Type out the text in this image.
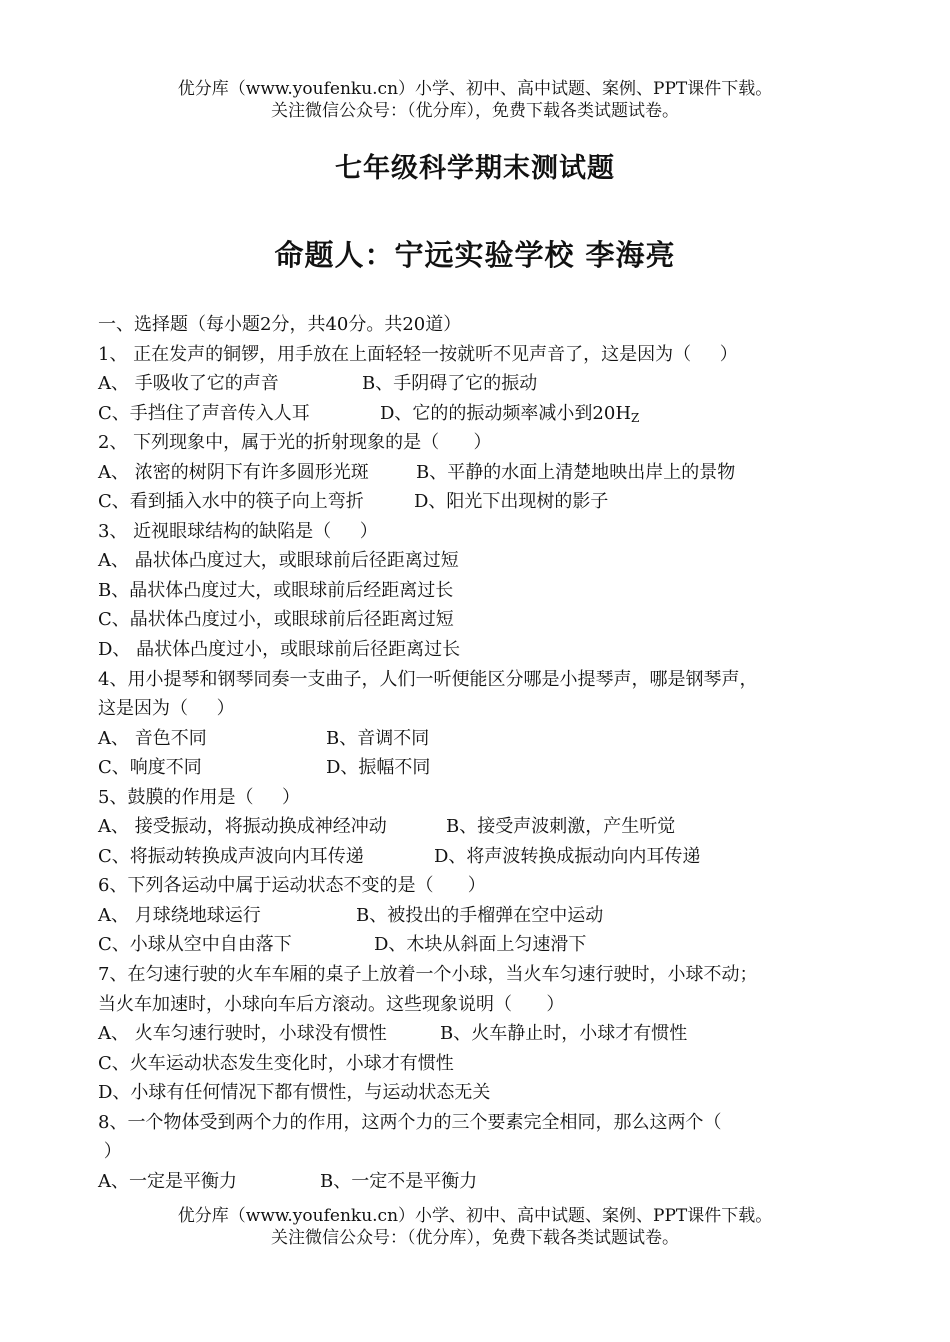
优分库（www.youfenku.cn）小学、初中、高中试题、案例、PPT课件下载。
关注微信公众号：（优分库），免费下载各类试题试卷。
七年级科学期末测试题
命题人：宁远实验学校 李海亮
一、选择题（每小题2分，共40分。共20道）
1、 正在发声的铜锣，用手放在上面轻轻一按就听不见声音了，这是因为（     ）
A、 手吸收了它的声音	B、手阴碍了它的振动
C、手挡住了声音传入人耳	D、它的的振动频率减小到$20H_Z$
2、 下列现象中，属于光的折射现象的是（      ）
A、 浓密的树阴下有许多圆形光斑	B、平静的水面上清楚地映出岸上的景物
C、看到插入水中的筷子向上弯折	D、阳光下出现树的影子
3、 近视眼球结构的缺陷是（     ）
A、 晶状体凸度过大，或眼球前后径距离过短
B、晶状体凸度过大，或眼球前后经距离过长
C、晶状体凸度过小，或眼球前后径距离过短
D、 晶状体凸度过小，或眼球前后径距离过长
4、用小提琴和钢琴同奏一支曲子，人们一听便能区分哪是小提琴声，哪是钢琴声，
这是因为（     ）
A、 音色不同	B、音调不同
C、响度不同	D、振幅不同
5、鼓膜的作用是（     ）
A、 接受振动，将振动换成神经冲动	B、接受声波刺激，产生听觉
C、将振动转换成声波向内耳传递	D、将声波转换成振动向内耳传递
6、下列各运动中属于运动状态不变的是（      ）
A、 月球绕地球运行	B、被投出的手榴弹在空中运动
C、小球从空中自由落下	D、木块从斜面上匀速滑下
7、在匀速行驶的火车车厢的桌子上放着一个小球，当火车匀速行驶时，小球不动；
当火车加速时，小球向车后方滚动。这些现象说明（      ）
A、 火车匀速行驶时，小球没有惯性	B、火车静止时，小球才有惯性
C、火车运动状态发生变化时，小球才有惯性
D、小球有任何情况下都有惯性，与运动状态无关
8、一个物体受到两个力的作用，这两个力的三个要素完全相同，那么这两个（
）
A、一定是平衡力	B、一定不是平衡力
优分库（www.youfenku.cn）小学、初中、高中试题、案例、PPT课件下载。
关注微信公众号：（优分库），免费下载各类试题试卷。
